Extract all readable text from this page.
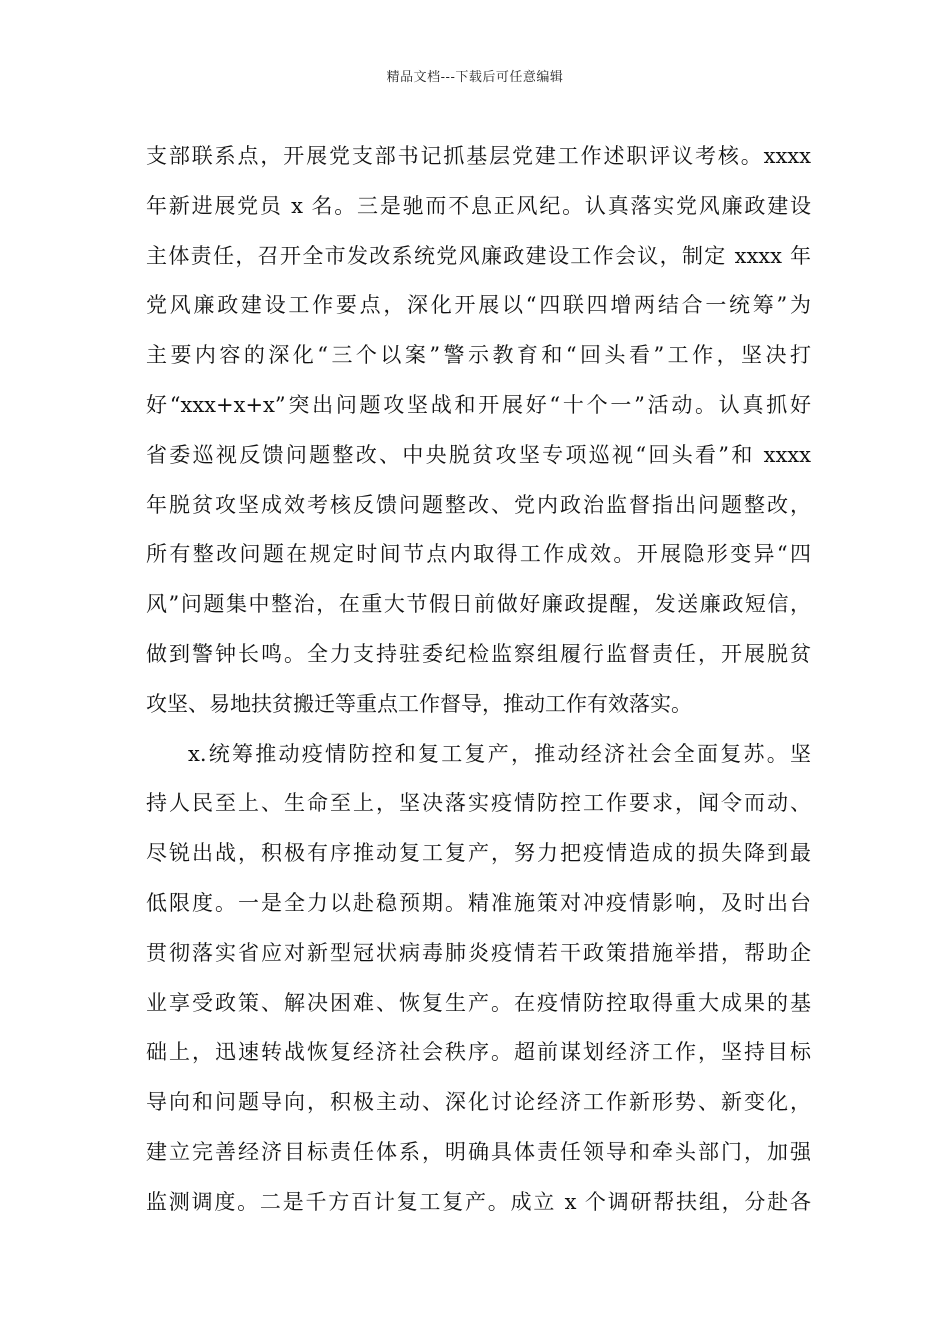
精品文档---下载后可任意编辑
支部联系点，开展党支部书记抓基层党建工作述职评议考核。xxxx
年新进展党员 x 名。三是驰而不息正风纪。认真落实党风廉政建设
主体责任，召开全市发改系统党风廉政建设工作会议，制定 xxxx 年
党风廉政建设工作要点，深化开展以“四联四增两结合一统筹”为
主要内容的深化“三个以案”警示教育和“回头看”工作，坚决打
好“xxx+x+x”突出问题攻坚战和开展好“十个一”活动。认真抓好
省委巡视反馈问题整改、中央脱贫攻坚专项巡视“回头看”和 xxxx
年脱贫攻坚成效考核反馈问题整改、党内政治监督指出问题整改，
所有整改问题在规定时间节点内取得工作成效。开展隐形变异“四
风”问题集中整治，在重大节假日前做好廉政提醒，发送廉政短信，
做到警钟长鸣。全力支持驻委纪检监察组履行监督责任，开展脱贫
攻坚、易地扶贫搬迁等重点工作督导，推动工作有效落实。
x.统筹推动疫情防控和复工复产，推动经济社会全面复苏。坚
持人民至上、生命至上，坚决落实疫情防控工作要求，闻令而动、
尽锐出战，积极有序推动复工复产，努力把疫情造成的损失降到最
低限度。一是全力以赴稳预期。精准施策对冲疫情影响，及时出台
贯彻落实省应对新型冠状病毒肺炎疫情若干政策措施举措，帮助企
业享受政策、解决困难、恢复生产。在疫情防控取得重大成果的基
础上，迅速转战恢复经济社会秩序。超前谋划经济工作，坚持目标
导向和问题导向，积极主动、深化讨论经济工作新形势、新变化，
建立完善经济目标责任体系，明确具体责任领导和牵头部门，加强
监测调度。二是千方百计复工复产。成立 x 个调研帮扶组，分赴各
